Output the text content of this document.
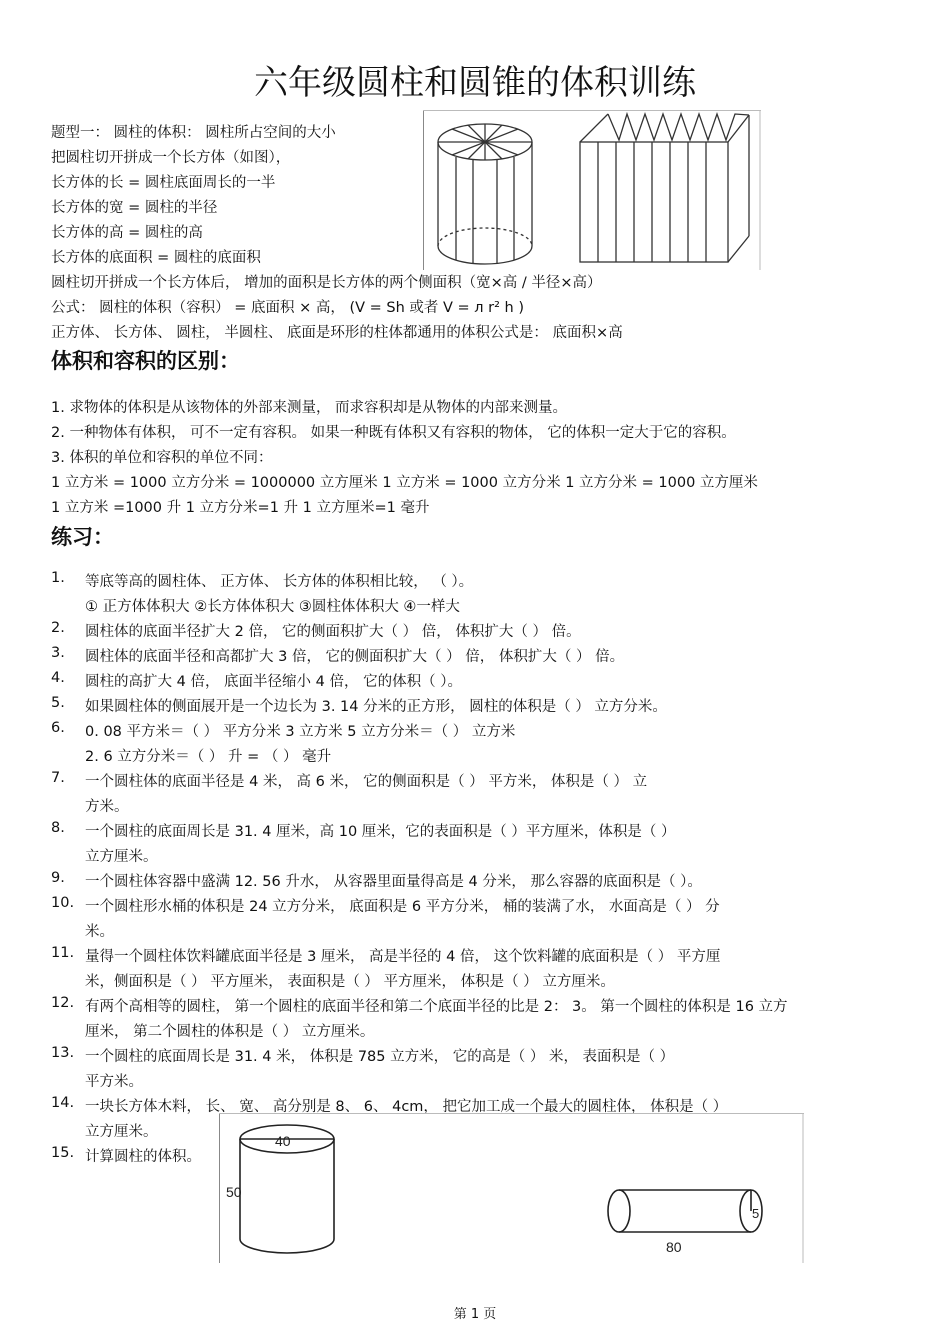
六年级圆柱和圆锥的体积训练
题型一： 圆柱的体积： 圆柱所占空间的大小
把圆柱切开拼成一个长方体（如图），
长方体的长 = 圆柱底面周长的一半
长方体的宽 = 圆柱的半径
长方体的高 = 圆柱的高
长方体的底面积 = 圆柱的底面积
圆柱切开拼成一个长方体后， 增加的面积是长方体的两个侧面积（宽×高 / 半径×高）
公式： 圆柱的体积（容积） = 底面积 × 高， (V = Sh 或者 V = л r² h )
正方体、 长方体、 圆柱， 半圆柱、 底面是环形的柱体都通用的体积公式是： 底面积×高
体积和容积的区别：
1. 求物体的体积是从该物体的外部来测量， 而求容积却是从物体的内部来测量。
2. 一种物体有体积， 可不一定有容积。 如果一种既有体积又有容积的物体， 它的体积一定大于它的容积。
3. 体积的单位和容积的单位不同：
1 立方米 = 1000 立方分米 = 1000000 立方厘米 1 立方米 = 1000 立方分米 1 立方分米 = 1000 立方厘米
1 立方米 =1000 升 1 立方分米=1 升 1 立方厘米=1 毫升
练习：
1. 等底等高的圆柱体、 正方体、 长方体的体积相比较， （ ）。
① 正方体体积大 ②长方体体积大 ③圆柱体体积大 ④一样大
2. 圆柱体的底面半径扩大 2 倍， 它的侧面积扩大（ ） 倍， 体积扩大（ ） 倍。
3. 圆柱体的底面半径和高都扩大 3 倍， 它的侧面积扩大（ ） 倍， 体积扩大（ ） 倍。
4. 圆柱的高扩大 4 倍， 底面半径缩小 4 倍， 它的体积（ ）。
5. 如果圆柱体的侧面展开是一个边长为 3. 14 分米的正方形， 圆柱的体积是（ ） 立方分米。
6. 0. 08 平方米＝（ ） 平方分米 3 立方米 5 立方分米＝（ ） 立方米
2. 6 立方分米＝（ ） 升 = （ ） 毫升
7. 一个圆柱体的底面半径是 4 米， 高 6 米， 它的侧面积是（ ） 平方米， 体积是（ ） 立
方米。
8. 一个圆柱的底面周长是 31. 4 厘米，高 10 厘米，它的表面积是（ ）平方厘米，体积是（ ）
立方厘米。
9. 一个圆柱体容器中盛满 12. 56 升水， 从容器里面量得高是 4 分米， 那么容器的底面积是（ ）。
10. 一个圆柱形水桶的体积是 24 立方分米， 底面积是 6 平方分米， 桶的装满了水， 水面高是（ ） 分
米。
11. 量得一个圆柱体饮料罐底面半径是 3 厘米， 高是半径的 4 倍， 这个饮料罐的底面积是（ ） 平方厘
米，侧面积是（ ） 平方厘米， 表面积是（ ） 平方厘米， 体积是（ ） 立方厘米。
12. 有两个高相等的圆柱， 第一个圆柱的底面半径和第二个底面半径的比是 2： 3。 第一个圆柱的体积是 16 立方
厘米， 第二个圆柱的体积是（ ） 立方厘米。
13. 一个圆柱的底面周长是 31. 4 米， 体积是 785 立方米， 它的高是（ ） 米， 表面积是（ ）
平方米。
14. 一块长方体木料， 长、 宽、 高分别是 8、 6、 4cm， 把它加工成一个最大的圆柱体， 体积是（ ）
立方厘米。
15. 计算圆柱的体积。
40
50
5
80
第 1 页
